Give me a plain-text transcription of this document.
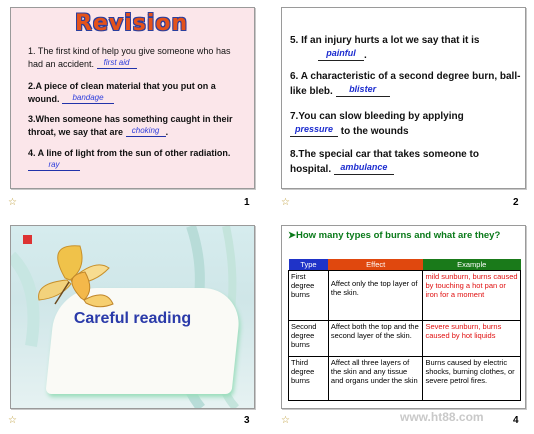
Revision
1. The first kind of help you give someone who has had an accident. first aid
2.A piece of clean material that you put on a wound. bandage
3.When someone has something caught in their throat, we say that are choking .
4. A line of light from the sun of other radiation. ray
☆	1
5. If an injury hurts a lot we say that it is
painful .
6. A characteristic of a second degree burn, ball-like bleb. blister
7.You can slow bleeding by applying
pressure to the wounds
8.The special car that takes someone to hospital. ambulance
☆	2
Careful reading
☆	3
➤How many types of burns and what are they?
Type	Effect	Example
First degree burns	Affect only the top layer of the skin.	mild sunburn, burns caused by touching a hot pan or iron for a moment
Second degree burns	Affect both the top and the second layer of the skin.	Severe sunburn, burns caused by hot liquids
Third degree burns	Affect all three layers of the skin and any tissue and organs under the skin	Burns caused by electric shocks, burning clothes, or severe petrol fires.
☆	4
www.ht88.com
